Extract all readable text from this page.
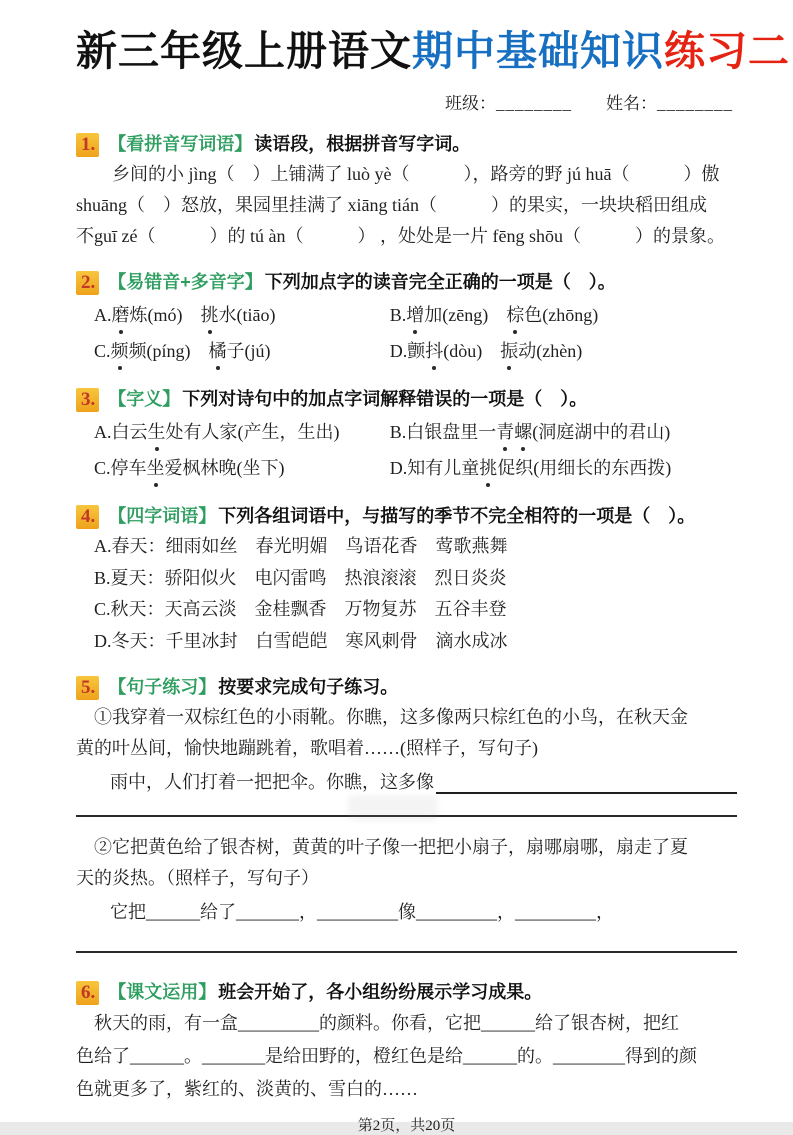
新三年级上册语文期中基础知识练习二
班级：________ 姓名：________
1. 【看拼音写词语】 读语段，根据拼音写字词。
乡间的小 jìng（　）上铺满了 luò yè（　　　），路旁的野 jú huā（　　　）傲
shuāng（　）怒放，果园里挂满了 xiāng tián（　　　）的果实，一块块稻田组成
不guī zé（　　　）的 tú àn（　　　） ，处处是一片 fēng shōu（　　　）的景象。
2. 【易错音+多音字】 下列加点字的读音完全正确的一项是（　）。
A.磨炼(mó)　挑水(tiāo)	B.增加(zēng)　棕色(zhōng)
C.频频(píng)　橘子(jú)	D.颤抖(dòu)　振动(zhèn)
3. 【字义】 下列对诗句中的加点字词解释错误的一项是（　）。
A.白云生处有人家(产生，生出)	B.白银盘里一青螺(洞庭湖中的君山)
C.停车坐爱枫林晚(坐下)	D.知有儿童挑促织(用细长的东西拨)
4. 【四字词语】 下列各组词语中，与描写的季节不完全相符的一项是（　）。
A.春天：细雨如丝　春光明媚　鸟语花香　莺歌燕舞
B.夏天：骄阳似火　电闪雷鸣　热浪滚滚　烈日炎炎
C.秋天：天高云淡　金桂飘香　万物复苏　五谷丰登
D.冬天：千里冰封　白雪皑皑　寒风刺骨　滴水成冰
5. 【句子练习】 按要求完成句子练习。
①我穿着一双棕红色的小雨靴。你瞧，这多像两只棕红色的小鸟，在秋天金
黄的叶丛间，愉快地蹦跳着，歌唱着……(照样子，写句子)
雨中，人们打着一把把伞。你瞧，这多像
②它把黄色给了银杏树，黄黄的叶子像一把把小扇子，扇哪扇哪，扇走了夏
天的炎热。（照样子，写句子）
它把______给了_______，_________像_________，_________，
6. 【课文运用】 班会开始了，各小组纷纷展示学习成果。
秋天的雨，有一盒_________的颜料。你看，它把______给了银杏树，把红
色给了______。_______是给田野的，橙红色是给______的。________得到的颜
色就更多了，紫红的、淡黄的、雪白的……
第2页，共20页
